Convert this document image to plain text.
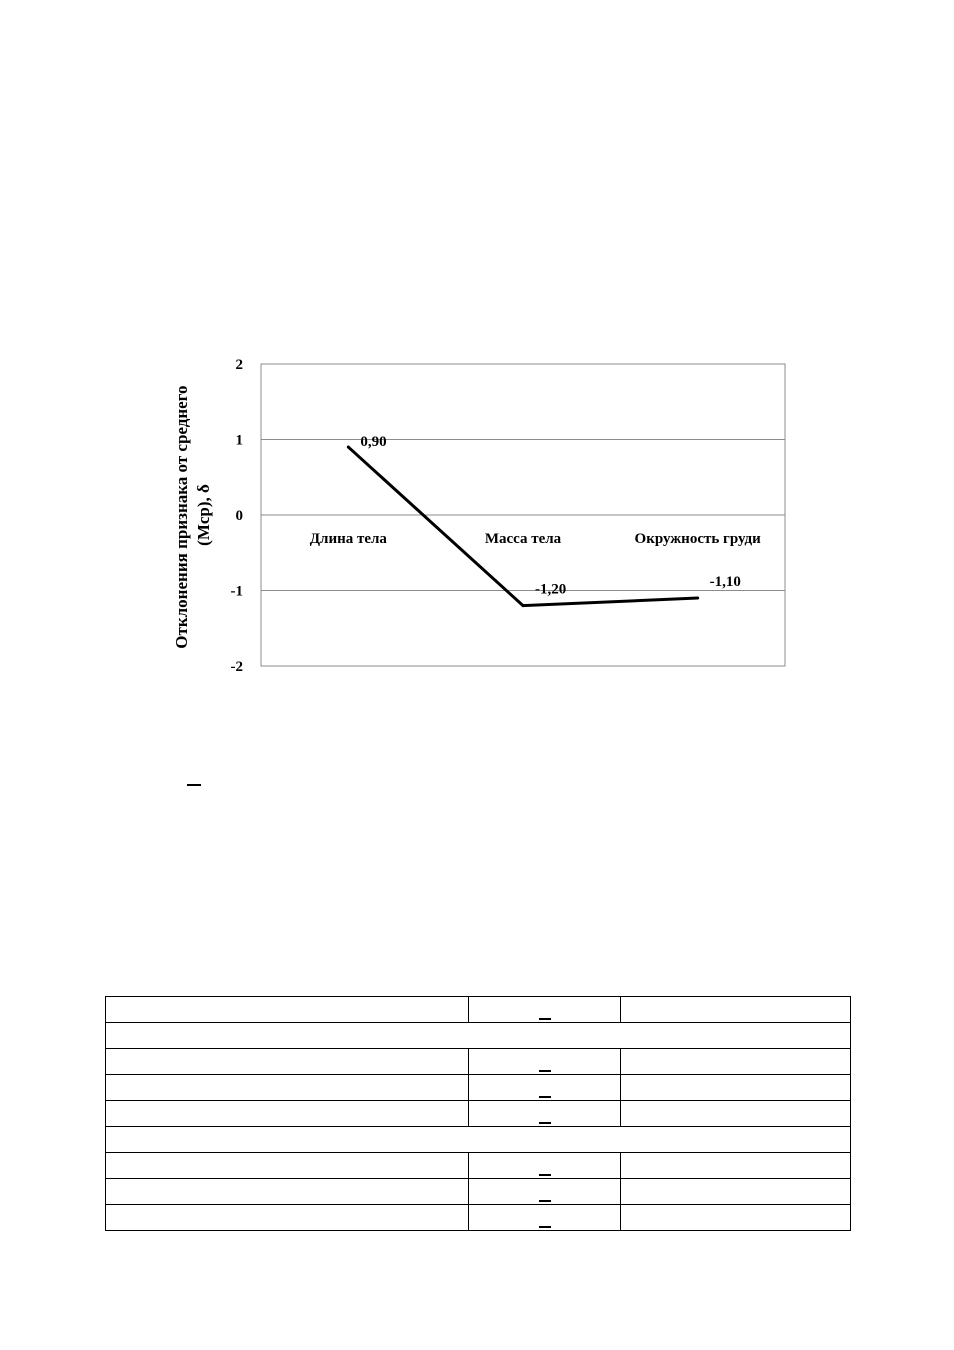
2
1
0
-1
-2
Длина тела	Масса тела	Окружность груди
0,90
-1,20	-1,10
Отклонения признака от среднего (Мср), δ
